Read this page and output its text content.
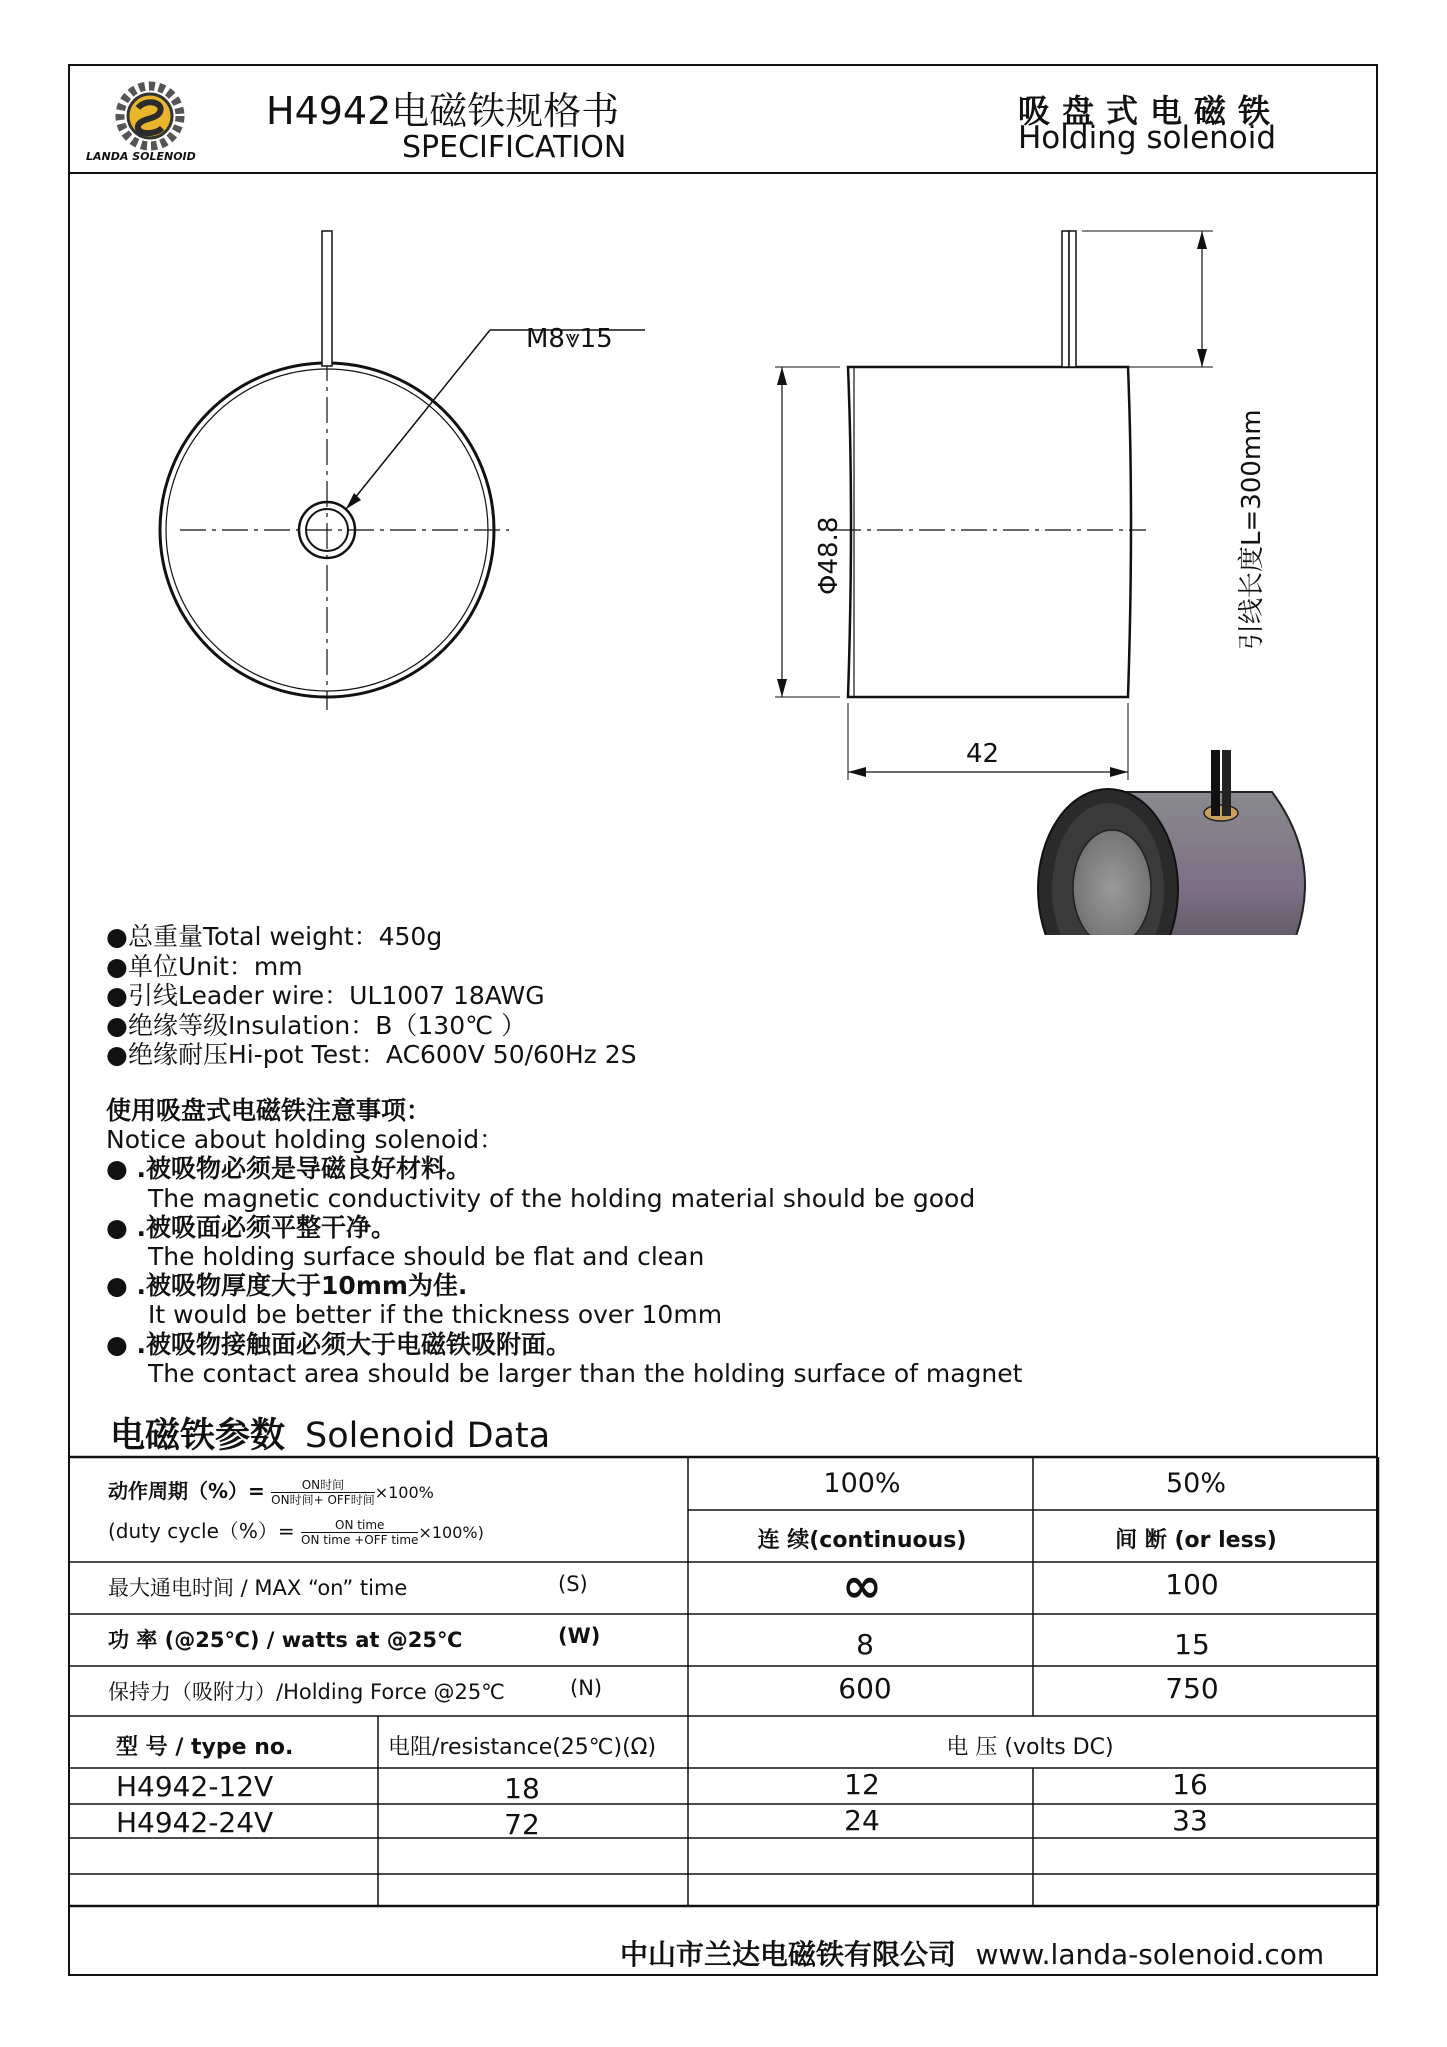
LANDA SOLENOID
H4942电磁铁规格书
SPECIFICATION
吸盘式电磁铁
Holding solenoid
M8⩔15
Φ48.8
42
引线长度L=300mm
●总重量Total weight：450g
●单位Unit：mm
●引线Leader wire：UL1007 18AWG
●绝缘等级Insulation：B（130℃ ）
●绝缘耐压Hi-pot Test：AC600V 50/60Hz 2S
使用吸盘式电磁铁注意事项：
Notice about holding solenoid：
● .被吸物必须是导磁良好材料。
The magnetic conductivity of the holding material should be good
● .被吸面必须平整干净。
The holding surface should be flat and clean
● .被吸物厚度大于10mm为佳.
It would be better if the thickness over 10mm
● .被吸物接触面必须大于电磁铁吸附面。
The contact area should be larger than the holding surface of magnet
电磁铁参数 Solenoid Data
动作周期（%）=	ON时间
ON时间+ OFF时间 ×100%
(duty cycle（%）=	ON time
ON time +OFF time ×100%)
100%	50%
连 续(continuous)	间 断 (or less)
最大通电时间 / MAX “on” time	(S)	∞	100
功 率 (@25℃) / watts at @25℃	(W)	8	15
保持力（吸附力）/Holding Force @25℃	(N)	600	750
型 号 / type no.	电阻/resistance(25℃)(Ω)	电 压 (volts DC)
H4942-12V	18	12	16
H4942-24V	72	24	33
中山市兰达电磁铁有限公司 www.landa-solenoid.com
